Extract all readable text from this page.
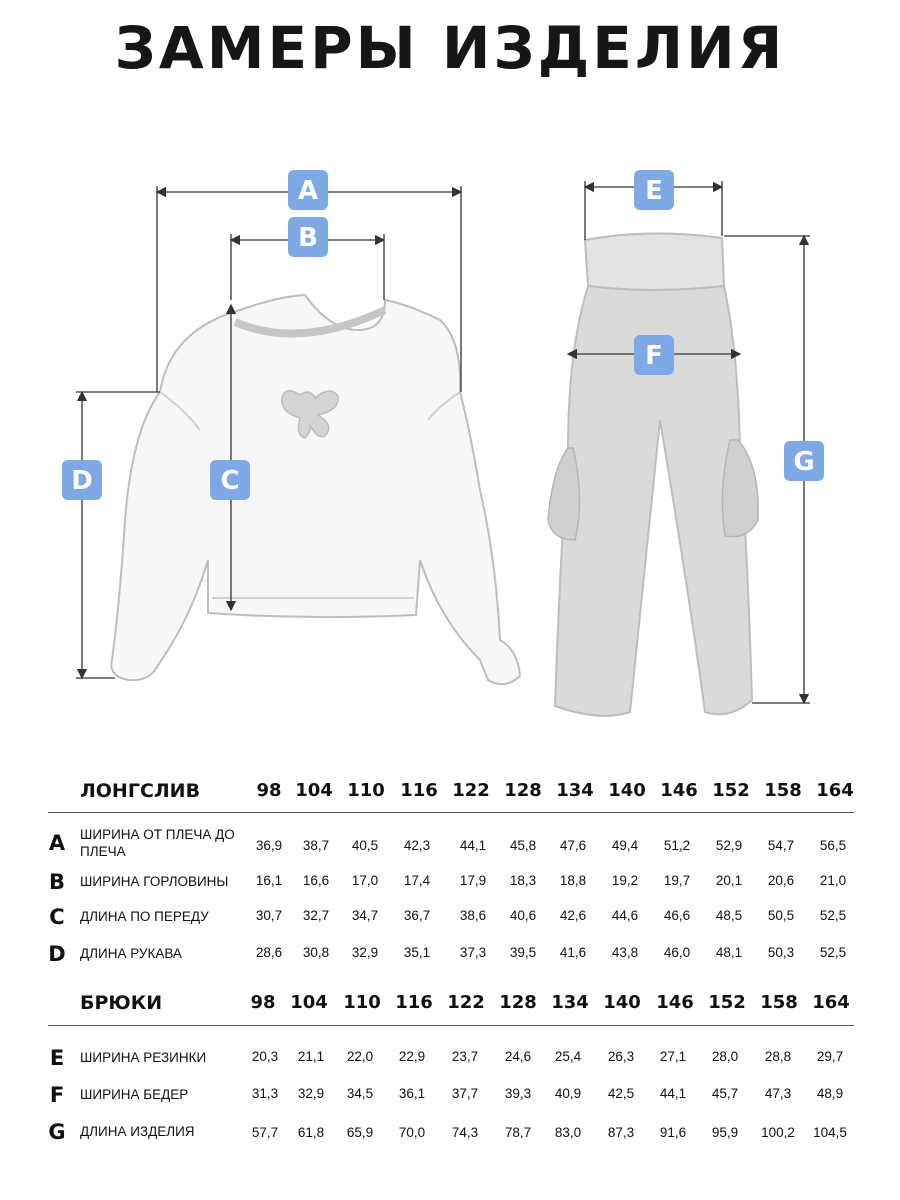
ЗАМЕРЫ ИЗДЕЛИЯ
A
B
C
D
E
F
G
ЛОНГСЛИВ	98 104 110 116 122 128 134 140 146 152 158 164
A	ШИРИНА ОТ ПЛЕЧА ДО ПЛЕЧА	36,9	38,7	40,5	42,3	44,1	45,8	47,6	49,4	51,2	52,9	54,7	56,5
B	ШИРИНА ГОРЛОВИНЫ	16,1	16,6	17,0	17,4	17,9	18,3	18,8	19,2	19,7	20,1	20,6	21,0
C	ДЛИНА ПО ПЕРЕДУ	30,7	32,7	34,7	36,7	38,6	40,6	42,6	44,6	46,6	48,5	50,5	52,5
D	ДЛИНА РУКАВА	28,6	30,8	32,9	35,1	37,3	39,5	41,6	43,8	46,0	48,1	50,3	52,5
БРЮКИ	98 104 110 116 122 128 134 140 146 152 158 164
E	ШИРИНА РЕЗИНКИ	20,3	21,1	22,0	22,9	23,7	24,6	25,4	26,3	27,1	28,0	28,8	29,7
F	ШИРИНА БЕДЕР	31,3	32,9	34,5	36,1	37,7	39,3	40,9	42,5	44,1	45,7	47,3	48,9
G	ДЛИНА ИЗДЕЛИЯ	57,7	61,8	65,9	70,0	74,3	78,7	83,0	87,3	91,6	95,9	100,2	104,5
